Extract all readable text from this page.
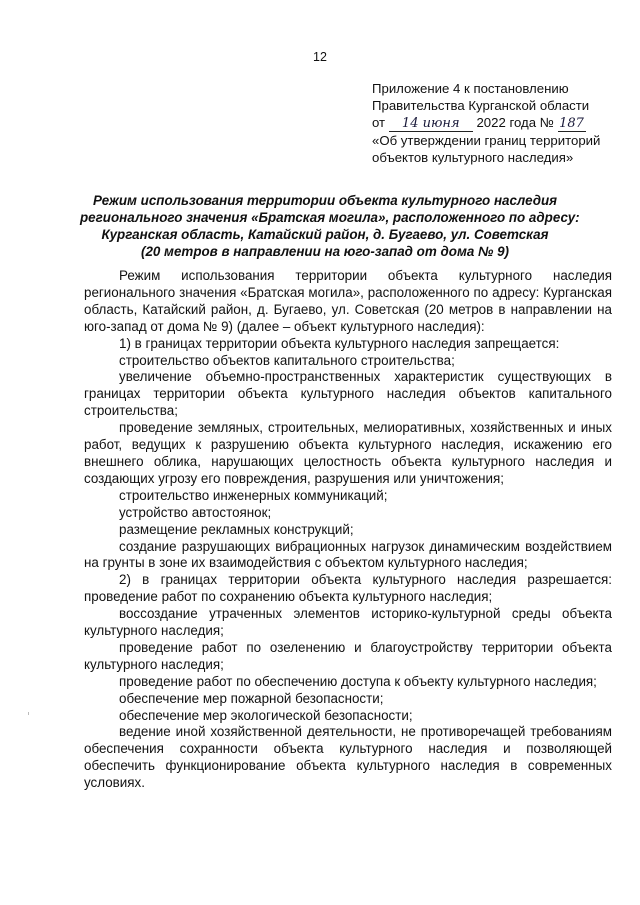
12
Приложение 4 к постановлению
Правительства Курганской области
от 14 июня 2022 года № 187
«Об утверждении границ территорий
объектов культурного наследия»
Режим использования территории объекта культурного наследия
регионального значения «Братская могила», расположенного по адресу:
Курганская область, Катайский район, д. Бугаево, ул. Советская
(20 метров в направлении на юго-запад от дома № 9)

Режим использования территории объекта культурного наследия регионального значения «Братская могила», расположенного по адресу: Курганская область, Катайский район, д. Бугаево, ул. Советская (20 метров в направлении на юго-запад от дома № 9) (далее – объект культурного наследия):

1) в границах территории объекта культурного наследия запрещается:

строительство объектов капитального строительства;

увеличение объемно-пространственных характеристик существующих в границах территории объекта культурного наследия объектов капитального строительства;

проведение земляных, строительных, мелиоративных, хозяйственных и иных работ, ведущих к разрушению объекта культурного наследия, искажению его внешнего облика, нарушающих целостность объекта культурного наследия и создающих угрозу его повреждения, разрушения или уничтожения;

строительство инженерных коммуникаций;

устройство автостоянок;

размещение рекламных конструкций;

создание разрушающих вибрационных нагрузок динамическим воздействием на грунты в зоне их взаимодействия с объектом культурного наследия;

2) в границах территории объекта культурного наследия разрешается: проведение работ по сохранению объекта культурного наследия;

воссоздание утраченных элементов историко-культурной среды объекта культурного наследия;

проведение работ по озеленению и благоустройству территории объекта культурного наследия;

проведение работ по обеспечению доступа к объекту культурного наследия;

обеспечение мер пожарной безопасности;

обеспечение мер экологической безопасности;

ведение иной хозяйственной деятельности, не противоречащей требованиям обеспечения сохранности объекта культурного наследия и позволяющей обеспечить функционирование объекта культурного наследия в современных условиях.
